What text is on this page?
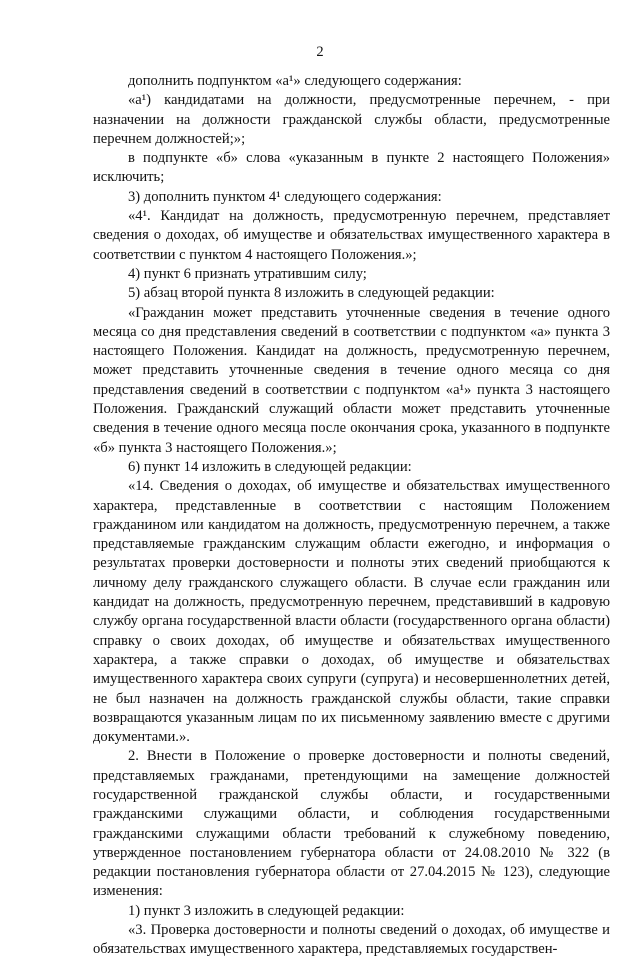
2

дополнить подпунктом «а¹» следующего содержания:

«а¹) кандидатами на должности, предусмотренные перечнем, - при назначении на должности гражданской службы области, предусмотренные перечнем должностей;»;

в подпункте «б» слова «указанным в пункте 2 настоящего Положения» исключить;

3) дополнить пунктом 4¹ следующего содержания:

«4¹. Кандидат на должность, предусмотренную перечнем, представляет сведения о доходах, об имуществе и обязательствах имущественного характера в соответствии с пунктом 4 настоящего Положения.»;

4) пункт 6 признать утратившим силу;

5) абзац второй пункта 8 изложить в следующей редакции:

«Гражданин может представить уточненные сведения в течение одного месяца со дня представления сведений в соответствии с подпунктом «а» пункта 3 настоящего Положения. Кандидат на должность, предусмотренную перечнем, может представить уточненные сведения в течение одного месяца со дня представления сведений в соответствии с подпунктом «а¹» пункта 3 настоящего Положения. Гражданский служащий области может представить уточненные сведения в течение одного месяца после окончания срока, указанного в подпункте «б» пункта 3 настоящего Положения.»;

6) пункт 14 изложить в следующей редакции:

«14. Сведения о доходах, об имуществе и обязательствах имущественного характера, представленные в соответствии с настоящим Положением гражданином или кандидатом на должность, предусмотренную перечнем, а также представляемые гражданским служащим области ежегодно, и информация о результатах проверки достоверности и полноты этих сведений приобщаются к личному делу гражданского служащего области. В случае если гражданин или кандидат на должность, предусмотренную перечнем, представивший в кадровую службу органа государственной власти области (государственного органа области) справку о своих доходах, об имуществе и обязательствах имущественного характера, а также справки о доходах, об имуществе и обязательствах имущественного характера своих супруги (супруга) и несовершеннолетних детей, не был назначен на должность гражданской службы области, такие справки возвращаются указанным лицам по их письменному заявлению вместе с другими документами.».

2. Внести в Положение о проверке достоверности и полноты сведений, представляемых гражданами, претендующими на замещение должностей государственной гражданской службы области, и государственными гражданскими служащими области, и соблюдения государственными гражданскими служащими области требований к служебному поведению, утвержденное постановлением губернатора области от 24.08.2010 № 322 (в редакции постановления губернатора области от 27.04.2015 № 123), следующие изменения:

1) пункт 3 изложить в следующей редакции:

«3. Проверка достоверности и полноты сведений о доходах, об имуществе и обязательствах имущественного характера, представляемых государствен-
